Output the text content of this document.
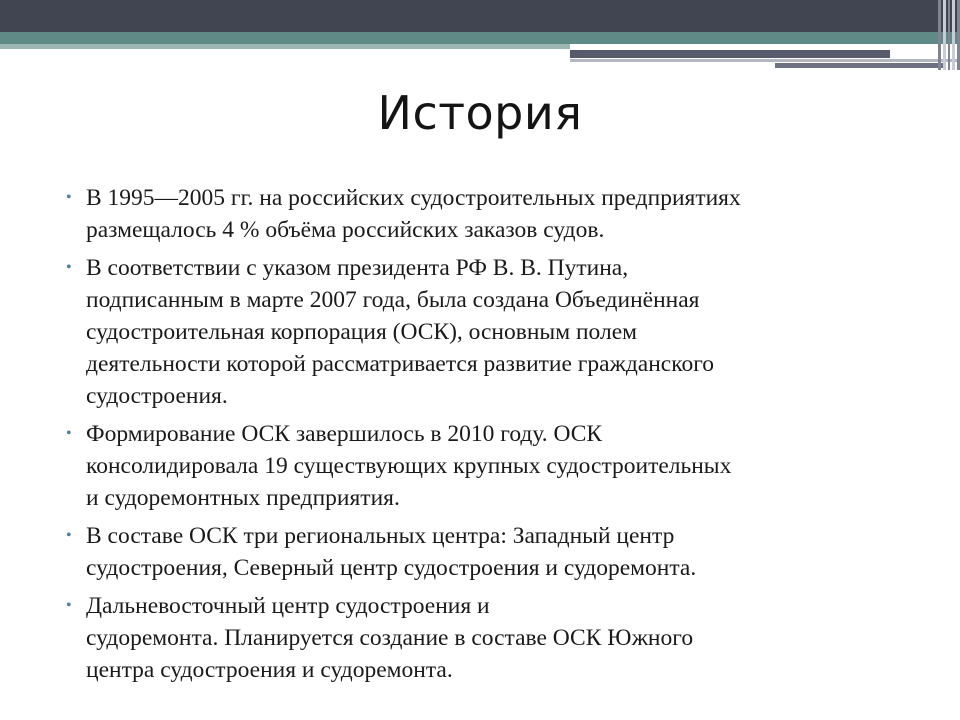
История
• В 1995—2005 гг. на российских судостроительных предприятиях
размещалось 4 % объёма российских заказов судов.
• В соответствии с указом президента РФ В. В. Путина,
подписанным в марте 2007 года, была создана Объединённая
судостроительная корпорация (ОСК), основным полем
деятельности которой рассматривается развитие гражданского
судостроения.
• Формирование ОСК завершилось в 2010 году. ОСК
консолидировала 19 существующих крупных судостроительных
и судоремонтных предприятия.
• В составе ОСК три региональных центра: Западный центр
судостроения, Северный центр судостроения и судоремонта.
• Дальневосточный центр судостроения и
судоремонта. Планируется создание в составе ОСК Южного
центра судостроения и судоремонта.
